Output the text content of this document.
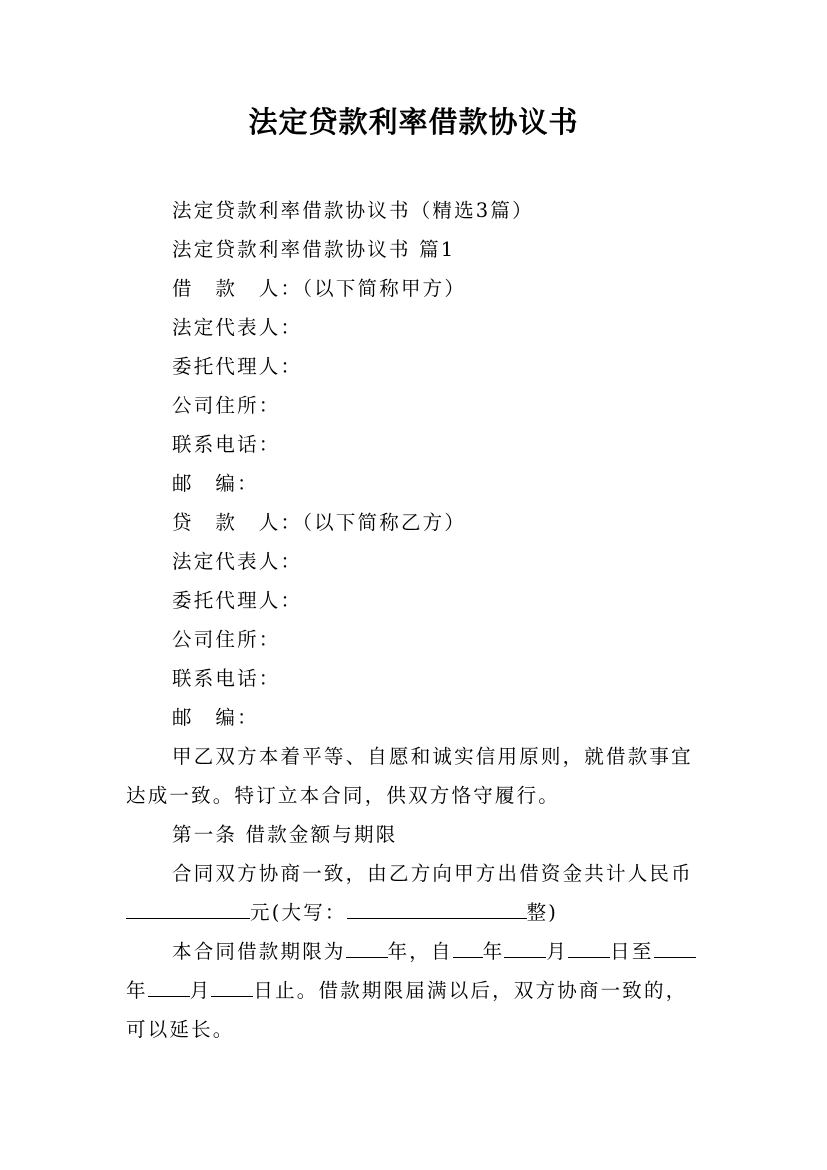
法定贷款利率借款协议书
法定贷款利率借款协议书（精选3篇）
法定贷款利率借款协议书 篇1
借　款　人：（以下简称甲方）
法定代表人：
委托代理人：
公司住所：
联系电话：
邮　编：
贷　款　人：（以下简称乙方）
法定代表人：
委托代理人：
公司住所：
联系电话：
邮　编：
甲乙双方本着平等、自愿和诚实信用原则，就借款事宜
达成一致。特订立本合同，供双方恪守履行。
第一条 借款金额与期限
合同双方协商一致，由乙方向甲方出借资金共计人民币
元(大写：	整)
本合同借款期限为 年，自 年 月 日至
年 月 日止。借款期限届满以后，双方协商一致的，
可以延长。
